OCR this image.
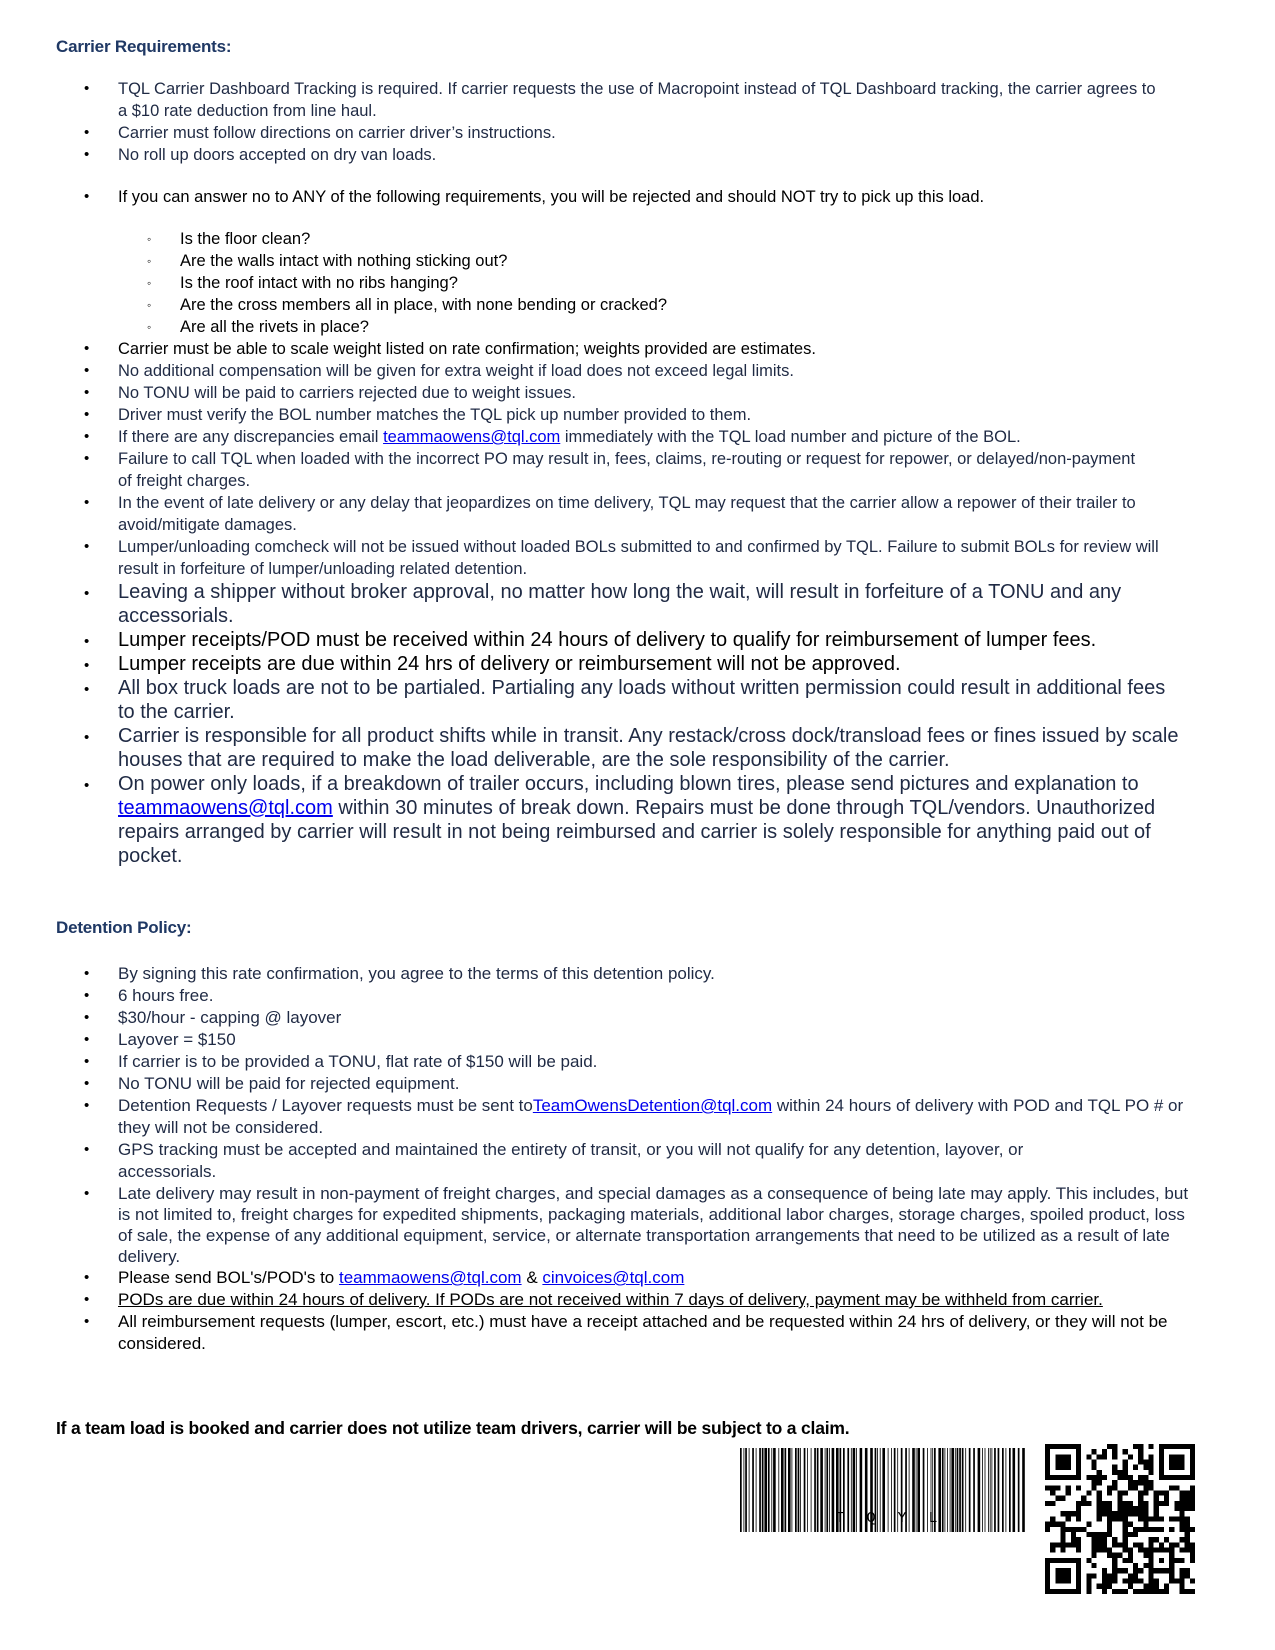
Carrier Requirements:

• TQL Carrier Dashboard Tracking is required. If carrier requests the use of Macropoint instead of TQL Dashboard tracking, the carrier agrees to a $10 rate deduction from line haul.
• Carrier must follow directions on carrier driver’s instructions.
• No roll up doors accepted on dry van loads.
• If you can answer no to ANY of the following requirements, you will be rejected and should NOT try to pick up this load.
◦ Is the floor clean?
◦ Are the walls intact with nothing sticking out?
◦ Is the roof intact with no ribs hanging?
◦ Are the cross members all in place, with none bending or cracked?
◦ Are all the rivets in place?
• Carrier must be able to scale weight listed on rate confirmation; weights provided are estimates.
• No additional compensation will be given for extra weight if load does not exceed legal limits.
• No TONU will be paid to carriers rejected due to weight issues.
• Driver must verify the BOL number matches the TQL pick up number provided to them.
• If there are any discrepancies email teammaowens@tql.com immediately with the TQL load number and picture of the BOL.
• Failure to call TQL when loaded with the incorrect PO may result in, fees, claims, re-routing or request for repower, or delayed/non-payment of freight charges.
• In the event of late delivery or any delay that jeopardizes on time delivery, TQL may request that the carrier allow a repower of their trailer to avoid/mitigate damages.
• Lumper/unloading comcheck will not be issued without loaded BOLs submitted to and confirmed by TQL. Failure to submit BOLs for review will result in forfeiture of lumper/unloading related detention.
• Leaving a shipper without broker approval, no matter how long the wait, will result in forfeiture of a TONU and any accessorials.
• Lumper receipts/POD must be received within 24 hours of delivery to qualify for reimbursement of lumper fees.
• Lumper receipts are due within 24 hrs of delivery or reimbursement will not be approved.
• All box truck loads are not to be partialed. Partialing any loads without written permission could result in additional fees to the carrier.
• Carrier is responsible for all product shifts while in transit. Any restack/cross dock/transload fees or fines issued by scale houses that are required to make the load deliverable, are the sole responsibility of the carrier.
• On power only loads, if a breakdown of trailer occurs, including blown tires, please send pictures and explanation to teammaowens@tql.com within 30 minutes of break down. Repairs must be done through TQL/vendors. Unauthorized repairs arranged by carrier will result in not being reimbursed and carrier is solely responsible for anything paid out of pocket.

Detention Policy:

• By signing this rate confirmation, you agree to the terms of this detention policy.
• 6 hours free.
• $30/hour - capping @ layover
• Layover = $150
• If carrier is to be provided a TONU, flat rate of $150 will be paid.
• No TONU will be paid for rejected equipment.
• Detention Requests / Layover requests must be sent toTeamOwensDetention@tql.com within 24 hours of delivery with POD and TQL PO # or they will not be considered.
• GPS tracking must be accepted and maintained the entirety of transit, or you will not qualify for any detention, layover, or accessorials.
• Late delivery may result in non-payment of freight charges, and special damages as a consequence of being late may apply. This includes, but is not limited to, freight charges for expedited shipments, packaging materials, additional labor charges, storage charges, spoiled product, loss of sale, the expense of any additional equipment, service, or alternate transportation arrangements that need to be utilized as a result of late delivery.
• Please send BOL's/POD's to teammaowens@tql.com & cinvoices@tql.com
• PODs are due within 24 hours of delivery. If PODs are not received within 7 days of delivery, payment may be withheld from carrier.
• All reimbursement requests (lumper, escort, etc.) must have a receipt attached and be requested within 24 hrs of delivery, or they will not be considered.

If a team load is booked and carrier does not utilize team drivers, carrier will be subject to a claim.

TQYL
